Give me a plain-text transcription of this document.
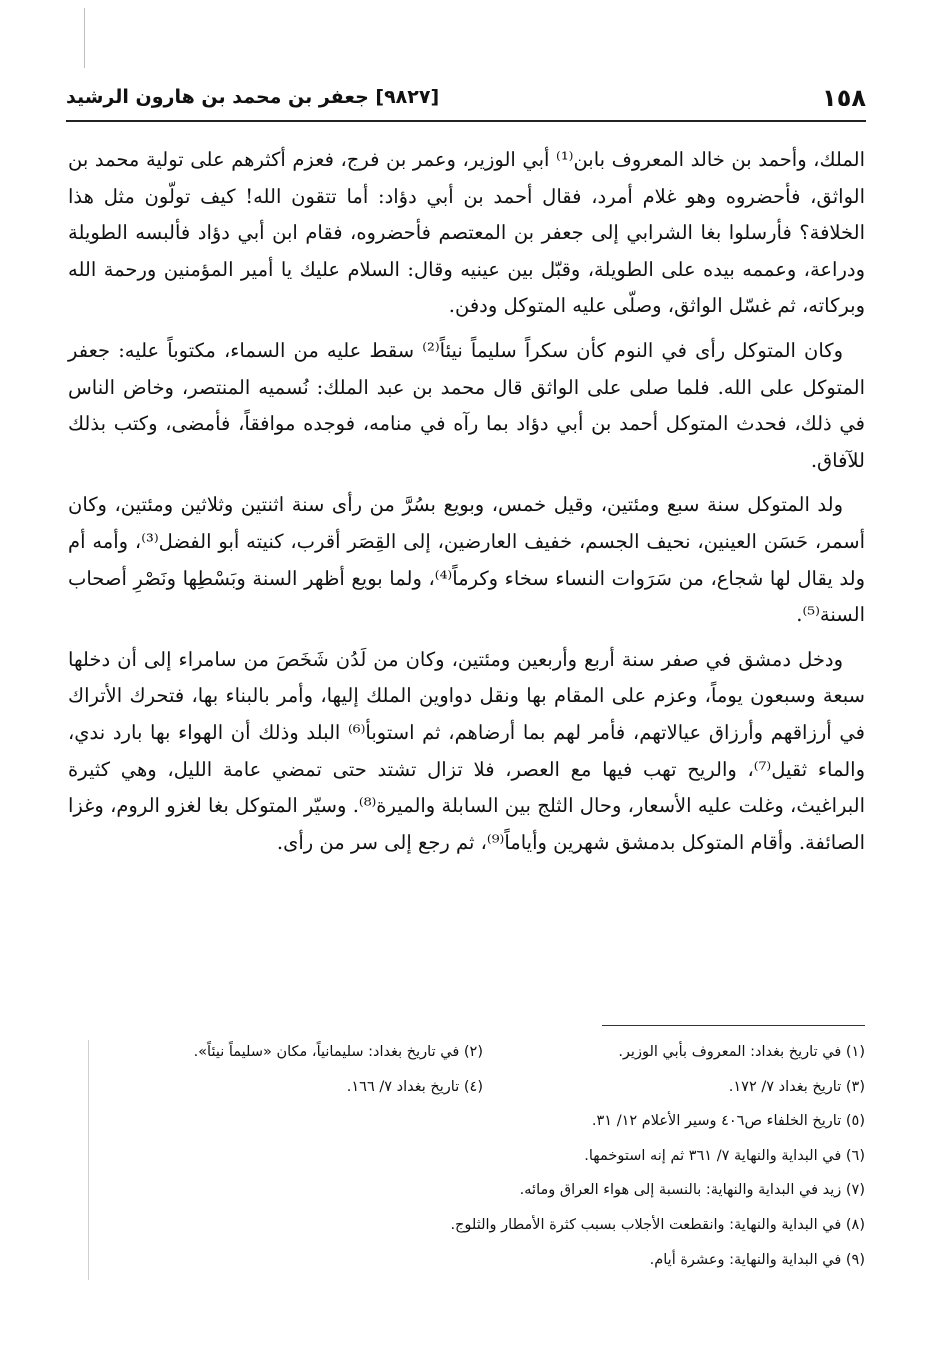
١٥٨
[٩٨٢٧] جعفر بن محمد بن هارون الرشيد

الملك، وأحمد بن خالد المعروف بابن⁽¹⁾ أبي الوزير، وعمر بن فرج، فعزم أكثرهم على تولية محمد بن الواثق، فأحضروه وهو غلام أمرد، فقال أحمد بن أبي دؤاد: أما تتقون الله! كيف تولّون مثل هذا الخلافة؟ فأرسلوا بغا الشرابي إلى جعفر بن المعتصم فأحضروه، فقام ابن أبي دؤاد فألبسه الطويلة ودراعة، وعممه بيده على الطويلة، وقبّل بين عينيه وقال: السلام عليك يا أمير المؤمنين ورحمة الله وبركاته، ثم غسّل الواثق، وصلّى عليه المتوكل ودفن.

وكان المتوكل رأى في النوم كأن سكراً سليماً نيئاً⁽²⁾ سقط عليه من السماء، مكتوباً عليه: جعفر المتوكل على الله. فلما صلى على الواثق قال محمد بن عبد الملك: نُسميه المنتصر، وخاض الناس في ذلك، فحدث المتوكل أحمد بن أبي دؤاد بما رآه في منامه، فوجده موافقاً، فأمضى، وكتب بذلك للآفاق.

ولد المتوكل سنة سبع ومئتين، وقيل خمس، وبويع بسُرَّ من رأى سنة اثنتين وثلاثين ومئتين، وكان أسمر، حَسَن العينين، نحيف الجسم، خفيف العارضين، إلى القِصَر أقرب، كنيته أبو الفضل⁽³⁾، وأمه أم ولد يقال لها شجاع، من سَرَوات النساء سخاء وكرماً⁽⁴⁾، ولما بويع أظهر السنة وبَسْطِها ونَصْرِ أصحاب السنة⁽⁵⁾.

ودخل دمشق في صفر سنة أربع وأربعين ومئتين، وكان من لَدُن شَخَصَ من سامراء إلى أن دخلها سبعة وسبعون يوماً، وعزم على المقام بها ونقل دواوين الملك إليها، وأمر بالبناء بها، فتحرك الأتراك في أرزاقهم وأرزاق عيالاتهم، فأمر لهم بما أرضاهم، ثم استوبأ⁽⁶⁾ البلد وذلك أن الهواء بها بارد ندي، والماء ثقيل⁽⁷⁾، والريح تهب فيها مع العصر، فلا تزال تشتد حتى تمضي عامة الليل، وهي كثيرة البراغيث، وغلت عليه الأسعار، وحال الثلج بين السابلة والميرة⁽⁸⁾. وسيّر المتوكل بغا لغزو الروم، وغزا الصائفة. وأقام المتوكل بدمشق شهرين وأياماً⁽⁹⁾، ثم رجع إلى سر من رأى.

(١) في تاريخ بغداد: المعروف بأبي الوزير.
(٢) في تاريخ بغداد: سليمانياً، مكان «سليماً نيئاً».
(٣) تاريخ بغداد ٧/ ١٧٢.
(٤) تاريخ بغداد ٧/ ١٦٦.
(٥) تاريخ الخلفاء ص٤٠٦ وسير الأعلام ١٢/ ٣١.
(٦) في البداية والنهاية ٧/ ٣٦١ ثم إنه استوخمها.
(٧) زيد في البداية والنهاية: بالنسبة إلى هواء العراق ومائه.
(٨) في البداية والنهاية: وانقطعت الأجلاب بسبب كثرة الأمطار والثلوج.
(٩) في البداية والنهاية: وعشرة أيام.
